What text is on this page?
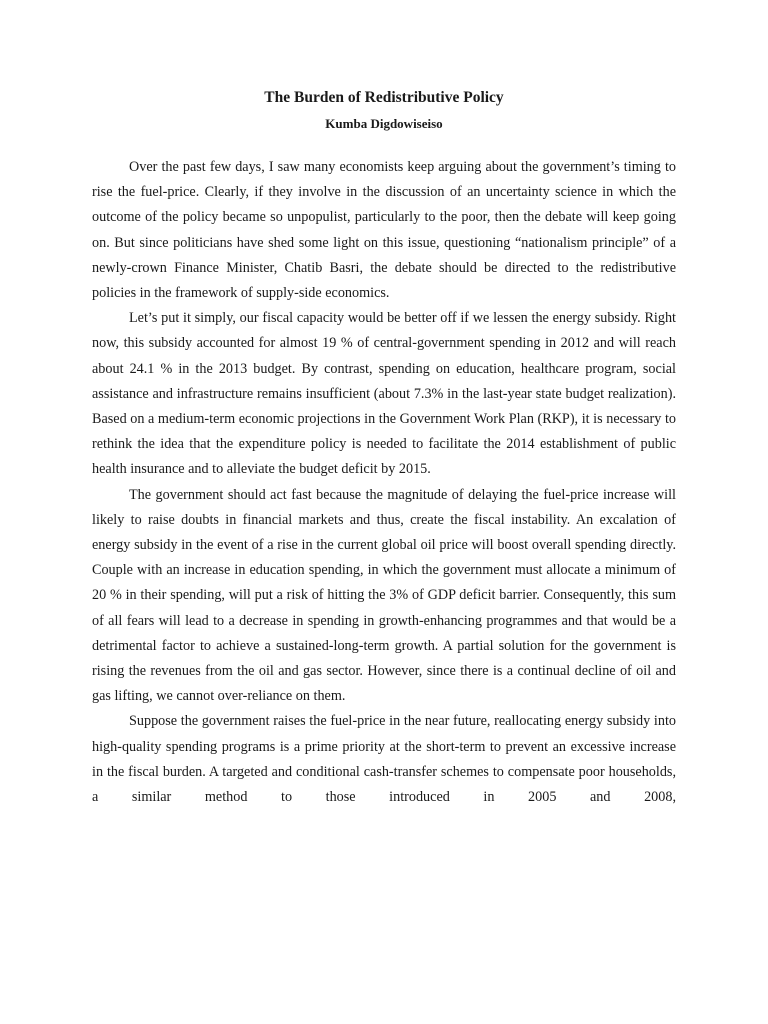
The Burden of Redistributive Policy
Kumba Digdowiseiso

Over the past few days, I saw many economists keep arguing about the government’s timing to rise the fuel-price. Clearly, if they involve in the discussion of an uncertainty science in which the outcome of the policy became so unpopulist, particularly to the poor, then the debate will keep going on. But since politicians have shed some light on this issue, questioning “nationalism principle” of a newly-crown Finance Minister, Chatib Basri, the debate should be directed to the redistributive policies in the framework of supply-side economics.

Let’s put it simply, our fiscal capacity would be better off if we lessen the energy subsidy. Right now, this subsidy accounted for almost 19 % of central-government spending in 2012 and will reach about 24.1 % in the 2013 budget. By contrast, spending on education, healthcare program, social assistance and infrastructure remains insufficient (about 7.3% in the last-year state budget realization). Based on a medium-term economic projections in the Government Work Plan (RKP), it is necessary to rethink the idea that the expenditure policy is needed to facilitate the 2014 establishment of public health insurance and to alleviate the budget deficit by 2015.

The government should act fast because the magnitude of delaying the fuel-price increase will likely to raise doubts in financial markets and thus, create the fiscal instability. An excalation of energy subsidy in the event of a rise in the current global oil price will boost overall spending directly. Couple with an increase in education spending, in which the government must allocate a minimum of 20 % in their spending, will put a risk of hitting the 3% of GDP deficit barrier. Consequently, this sum of all fears will lead to a decrease in spending in growth-enhancing programmes and that would be a detrimental factor to achieve a sustained-long-term growth. A partial solution for the government is rising the revenues from the oil and gas sector. However, since there is a continual decline of oil and gas lifting, we cannot over-reliance on them.

Suppose the government raises the fuel-price in the near future, reallocating energy subsidy into high-quality spending programs is a prime priority at the short-term to prevent an excessive increase in the fiscal burden. A targeted and conditional cash-transfer schemes to compensate poor households, a similar method to those introduced in 2005 and 2008,
